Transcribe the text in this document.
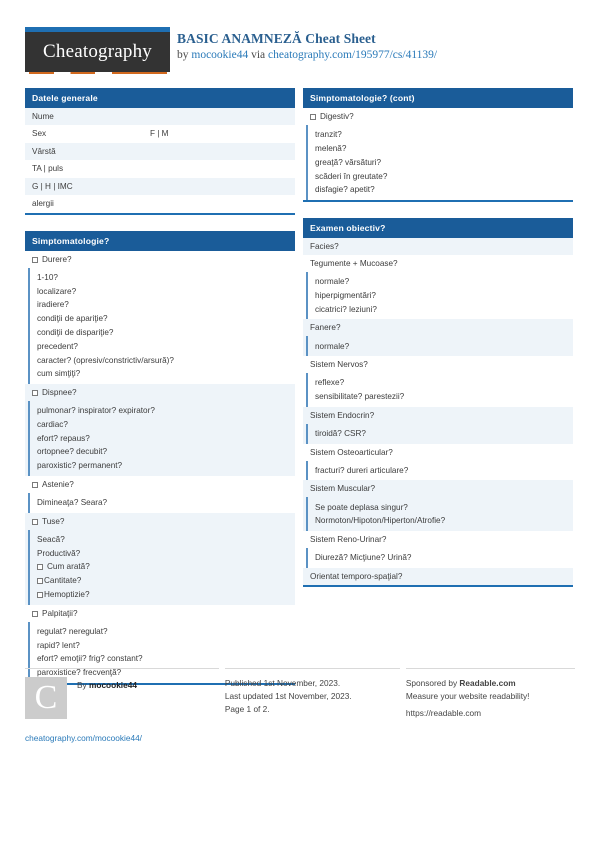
Cheatography
BASIC ANAMNEZĂ Cheat Sheet
by mocookie44 via cheatography.com/195977/cs/41139/
Datele generale
Nume
Sex	F | M
Vârstă
TA | puls
G | H | IMC
alergii
Simptomatologie?
Durere?
1-10?
localizare?
iradiere?
condiţii de apariţie?
condiţii de dispariţie?
precedent?
caracter? (opresiv/constrictiv/arsură)?
cum simţiţi?
Dispnee?
pulmonar? inspirator? expirator?
cardiac?
efort? repaus?
ortopnee? decubit?
paroxistic? permanent?
Astenie?
Dimineaţa? Seara?
Tuse?
Seacă?
Productivă?
Cum arată?
Cantitate?
Hemoptizie?
Palpitaţii?
regulat? neregulat?
rapid? lent?
efort? emoţii? frig? constant?
paroxistice? frecvenţă?
Simptomatologie? (cont)
Digestiv?
tranzit?
melenă?
greaţă? vărsături?
scăderi în greutate?
disfagie? apetit?
Examen obiectiv?
Facies?
Tegumente + Mucoase?
normale?
hiperpigmentări?
cicatrici? leziuni?
Fanere?
normale?
Sistem Nervos?
reflexe?
sensibilitate? parestezii?
Sistem Endocrin?
tiroidă? CSR?
Sistem Osteoarticular?
fracturi? dureri articulare?
Sistem Muscular?
Se poate deplasa singur?
Normoton/Hipoton/Hiperton/Atrofie?
Sistem Reno-Urinar?
Diureză? Micţiune? Urină?
Orientat temporo-spaţial?
C	By mocookie44
cheatography.com/mocookie44/
Published 1st November, 2023.
Last updated 1st November, 2023.
Page 1 of 2.
Sponsored by Readable.com
Measure your website readability!
https://readable.com
